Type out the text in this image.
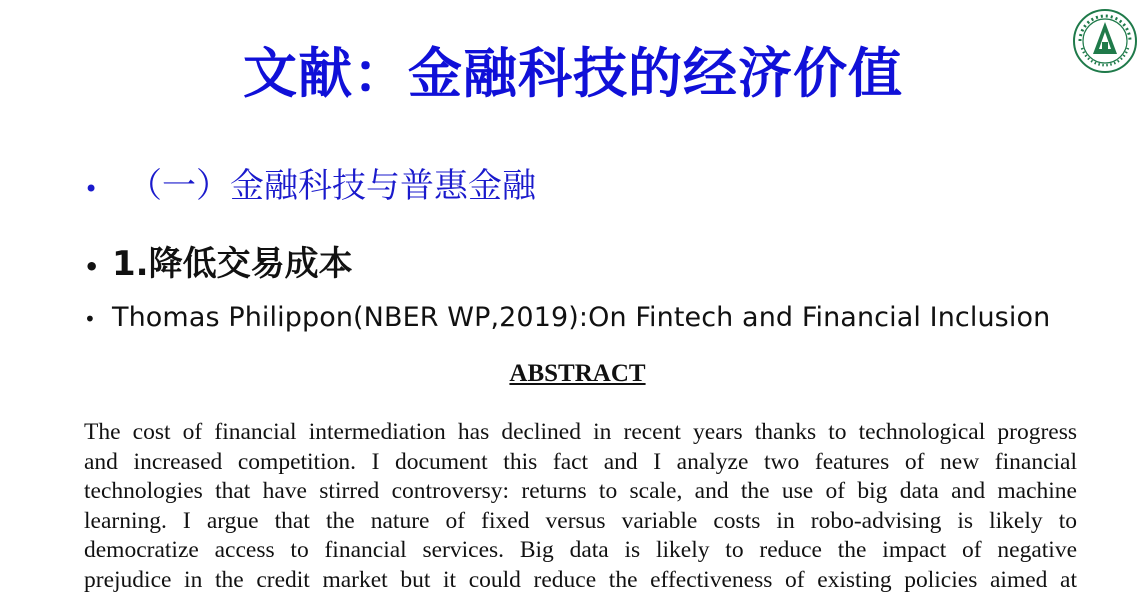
文献：金融科技的经济价值
• （一）金融科技与普惠金融
• 1.降低交易成本
• Thomas Philippon(NBER WP,2019):On Fintech and Financial Inclusion
ABSTRACT
The cost of financial intermediation has declined in recent years thanks to technological progress
and increased competition. I document this fact and I analyze two features of new financial
technologies that have stirred controversy: returns to scale, and the use of big data and machine
learning. I argue that the nature of fixed versus variable costs in robo-advising is likely to
democratize access to financial services. Big data is likely to reduce the impact of negative
prejudice in the credit market but it could reduce the effectiveness of existing policies aimed at
